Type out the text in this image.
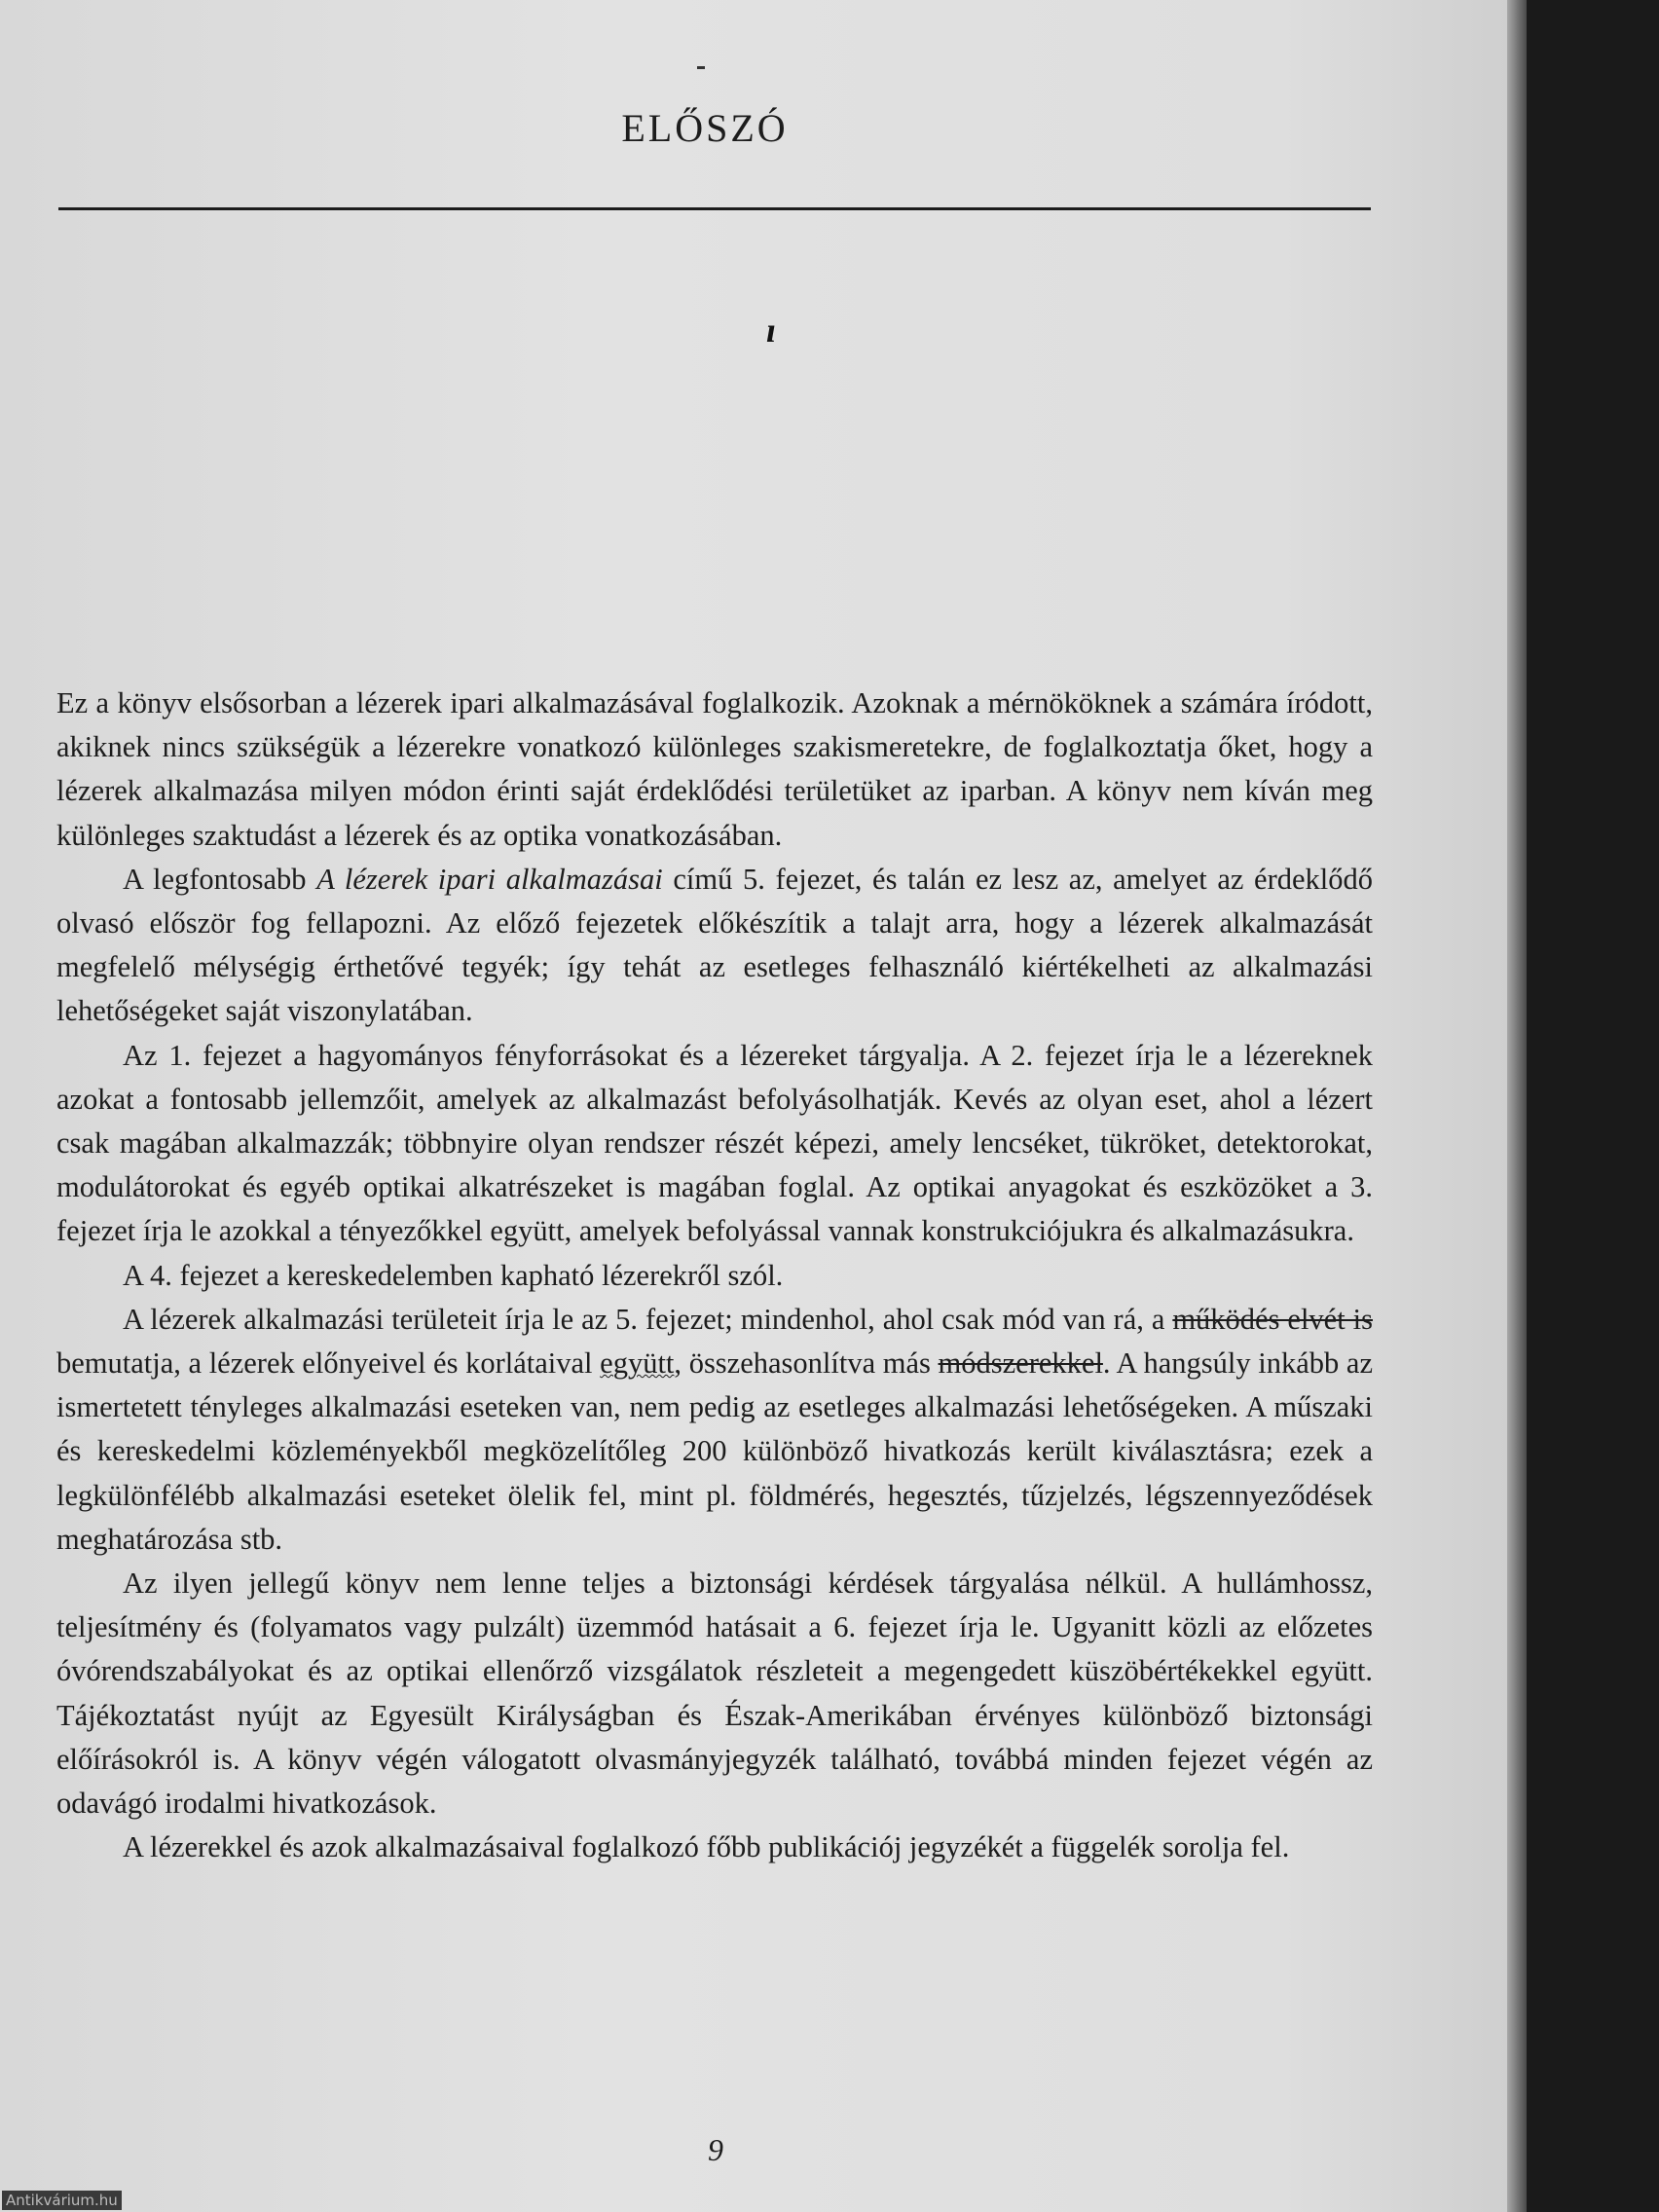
ELŐSZÓ
ı

Ez a könyv elsősorban a lézerek ipari alkalmazásával foglalkozik. Azoknak a mérnököknek a számára íródott, akiknek nincs szükségük a lézerekre vonatkozó különleges szakismeretekre, de foglalkoztatja őket, hogy a lézerek alkalmazása milyen módon érinti saját érdeklődési területüket az iparban. A könyv nem kíván meg különleges szaktudást a lézerek és az optika vonatkozásában.

A legfontosabb A lézerek ipari alkalmazásai című 5. fejezet, és talán ez lesz az, amelyet az érdeklődő olvasó először fog fellapozni. Az előző fejezetek előkészítik a talajt arra, hogy a lézerek alkalmazását megfelelő mélységig érthetővé tegyék; így tehát az esetleges felhasználó kiértékelheti az alkalmazási lehetőségeket saját viszonylatában.

Az 1. fejezet a hagyományos fényforrásokat és a lézereket tárgyalja. A 2. fejezet írja le a lézereknek azokat a fontosabb jellemzőit, amelyek az alkalmazást befolyásolhatják. Kevés az olyan eset, ahol a lézert csak magában alkalmazzák; többnyire olyan rendszer részét képezi, amely lencséket, tükröket, detektorokat, modulátorokat és egyéb optikai alkatrészeket is magában foglal. Az optikai anyagokat és eszközöket a 3. fejezet írja le azokkal a tényezőkkel együtt, amelyek befolyással vannak konstrukciójukra és alkalmazásukra.

A 4. fejezet a kereskedelemben kapható lézerekről szól.

A lézerek alkalmazási területeit írja le az 5. fejezet; mindenhol, ahol csak mód van rá, a működés elvét is bemutatja, a lézerek előnyeivel és korlátaival együtt, összehasonlítva más módszerekkel. A hangsúly inkább az ismertetett tényleges alkalmazási eseteken van, nem pedig az esetleges alkalmazási lehetőségeken. A műszaki és kereskedelmi közleményekből megközelítőleg 200 különböző hivatkozás került kiválasztásra; ezek a legkülönfélébb alkalmazási eseteket ölelik fel, mint pl. földmérés, hegesztés, tűzjelzés, légszennyeződések meghatározása stb.

Az ilyen jellegű könyv nem lenne teljes a biztonsági kérdések tárgyalása nélkül. A hullámhossz, teljesítmény és (folyamatos vagy pulzált) üzemmód hatásait a 6. fejezet írja le. Ugyanitt közli az előzetes óvórendszabályokat és az optikai ellenőrző vizsgálatok részleteit a megengedett küszöbértékekkel együtt. Tájékoztatást nyújt az Egyesült Királyságban és Észak-Amerikában érvényes különböző biztonsági előírásokról is. A könyv végén válogatott olvasmányjegyzék található, továbbá minden fejezet végén az odavágó irodalmi hivatkozások.

A lézerekkel és azok alkalmazásaival foglalkozó főbb publikációj jegyzékét a függelék sorolja fel.

9
Antikvárium.hu
